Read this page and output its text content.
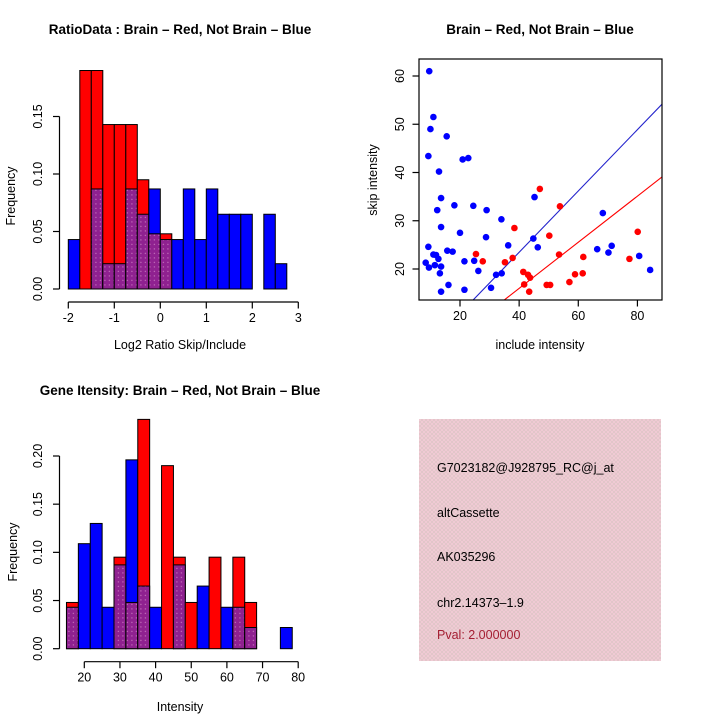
-2	-1	0	1	2	3
0.00
0.05
0.10
0.15
RatioData : Brain – Red, Not Brain – Blue
Log2 Ratio Skip/Include
Frequency
20	40	60	80
20
30
40
50
60
Brain – Red, Not Brain – Blue
include intensity
skip intensity
20 30 40 50 60 70 80
0.00
0.05
0.10
0.15
0.20
Gene Itensity: Brain – Red, Not Brain – Blue
Intensity
Frequency
G7023182@J928795_RC@j_at
altCassette
AK035296
chr2.14373–1.9
Pval: 2.000000
